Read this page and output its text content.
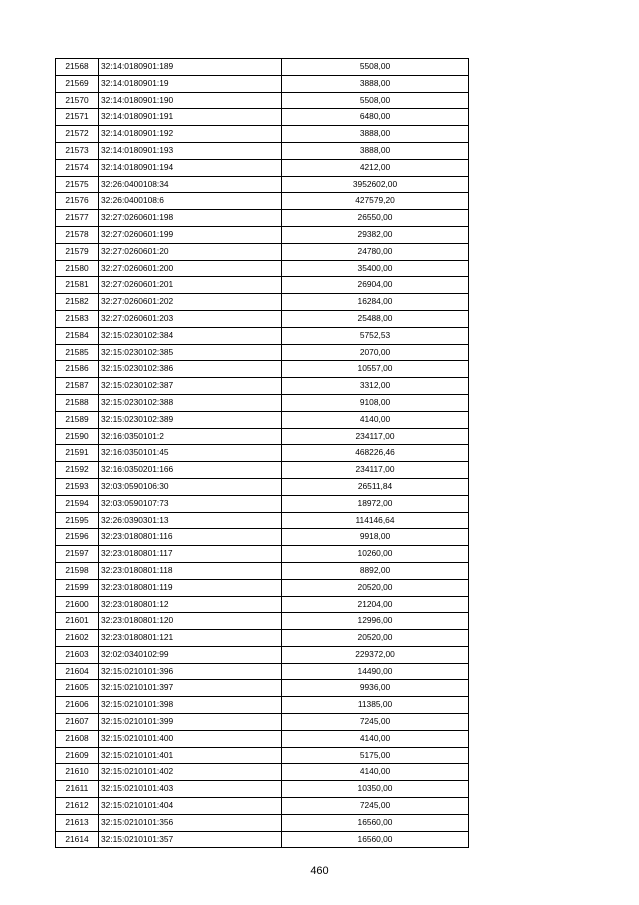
21568	32:14:0180901:189	5508,00
21569	32:14:0180901:19	3888,00
21570	32:14:0180901:190	5508,00
21571	32:14:0180901:191	6480,00
21572	32:14:0180901:192	3888,00
21573	32:14:0180901:193	3888,00
21574	32:14:0180901:194	4212,00
21575	32:26:0400108:34	3952602,00
21576	32:26:0400108:6	427579,20
21577	32:27:0260601:198	26550,00
21578	32:27:0260601:199	29382,00
21579	32:27:0260601:20	24780,00
21580	32:27:0260601:200	35400,00
21581	32:27:0260601:201	26904,00
21582	32:27:0260601:202	16284,00
21583	32:27:0260601:203	25488,00
21584	32:15:0230102:384	5752,53
21585	32:15:0230102:385	2070,00
21586	32:15:0230102:386	10557,00
21587	32:15:0230102:387	3312,00
21588	32:15:0230102:388	9108,00
21589	32:15:0230102:389	4140,00
21590	32:16:0350101:2	234117,00
21591	32:16:0350101:45	468226,46
21592	32:16:0350201:166	234117,00
21593	32:03:0590106:30	26511,84
21594	32:03:0590107:73	18972,00
21595	32:26:0390301:13	114146,64
21596	32:23:0180801:116	9918,00
21597	32:23:0180801:117	10260,00
21598	32:23:0180801:118	8892,00
21599	32:23:0180801:119	20520,00
21600	32:23:0180801:12	21204,00
21601	32:23:0180801:120	12996,00
21602	32:23:0180801:121	20520,00
21603	32:02:0340102:99	229372,00
21604	32:15:0210101:396	14490,00
21605	32:15:0210101:397	9936,00
21606	32:15:0210101:398	11385,00
21607	32:15:0210101:399	7245,00
21608	32:15:0210101:400	4140,00
21609	32:15:0210101:401	5175,00
21610	32:15:0210101:402	4140,00
21611	32:15:0210101:403	10350,00
21612	32:15:0210101:404	7245,00
21613	32:15:0210101:356	16560,00
21614	32:15:0210101:357	16560,00
460
